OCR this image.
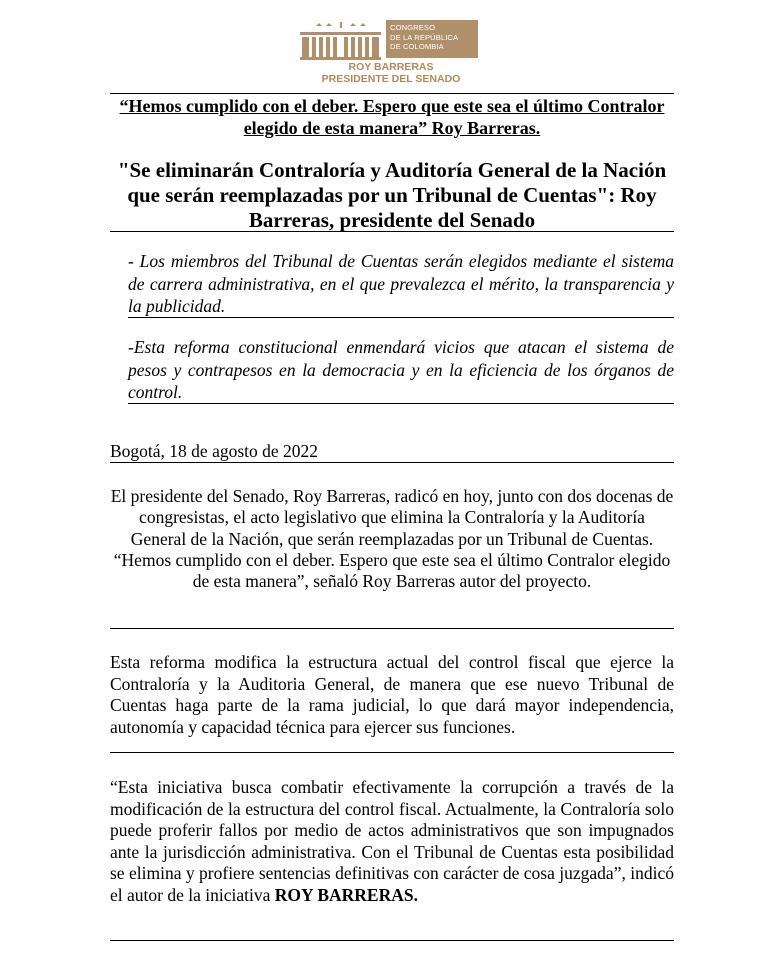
CONGRESO
DE LA REPÚBLICA
DE COLOMBIA
ROY BARRERAS
PRESIDENTE DEL SENADO
“Hemos cumplido con el deber. Espero que este sea el último Contralor elegido de esta manera” Roy Barreras.
"Se eliminarán Contraloría y Auditoría General de la Nación que serán reemplazadas por un Tribunal de Cuentas": Roy Barreras, presidente del Senado
- Los miembros del Tribunal de Cuentas serán elegidos mediante el sistema de carrera administrativa, en el que prevalezca el mérito, la transparencia y la publicidad.
-Esta reforma constitucional enmendará vicios que atacan el sistema de pesos y contrapesos en la democracia y en la eficiencia de los órganos de control.
Bogotá, 18 de agosto de 2022
El presidente del Senado, Roy Barreras, radicó en hoy, junto con dos docenas de congresistas, el acto legislativo que elimina la Contraloría y la Auditoría General de la Nación, que serán reemplazadas por un Tribunal de Cuentas. “Hemos cumplido con el deber. Espero que este sea el último Contralor elegido de esta manera”, señaló Roy Barreras autor del proyecto.
Esta reforma modifica la estructura actual del control fiscal que ejerce la Contraloría y la Auditoria General, de manera que ese nuevo Tribunal de Cuentas haga parte de la rama judicial, lo que dará mayor independencia, autonomía y capacidad técnica para ejercer sus funciones.
“Esta iniciativa busca combatir efectivamente la corrupción a través de la modificación de la estructura del control fiscal. Actualmente, la Contraloría solo puede proferir fallos por medio de actos administrativos que son impugnados ante la jurisdicción administrativa. Con el Tribunal de Cuentas esta posibilidad se elimina y profiere sentencias definitivas con carácter de cosa juzgada”, indicó el autor de la iniciativa ROY BARRERAS.
